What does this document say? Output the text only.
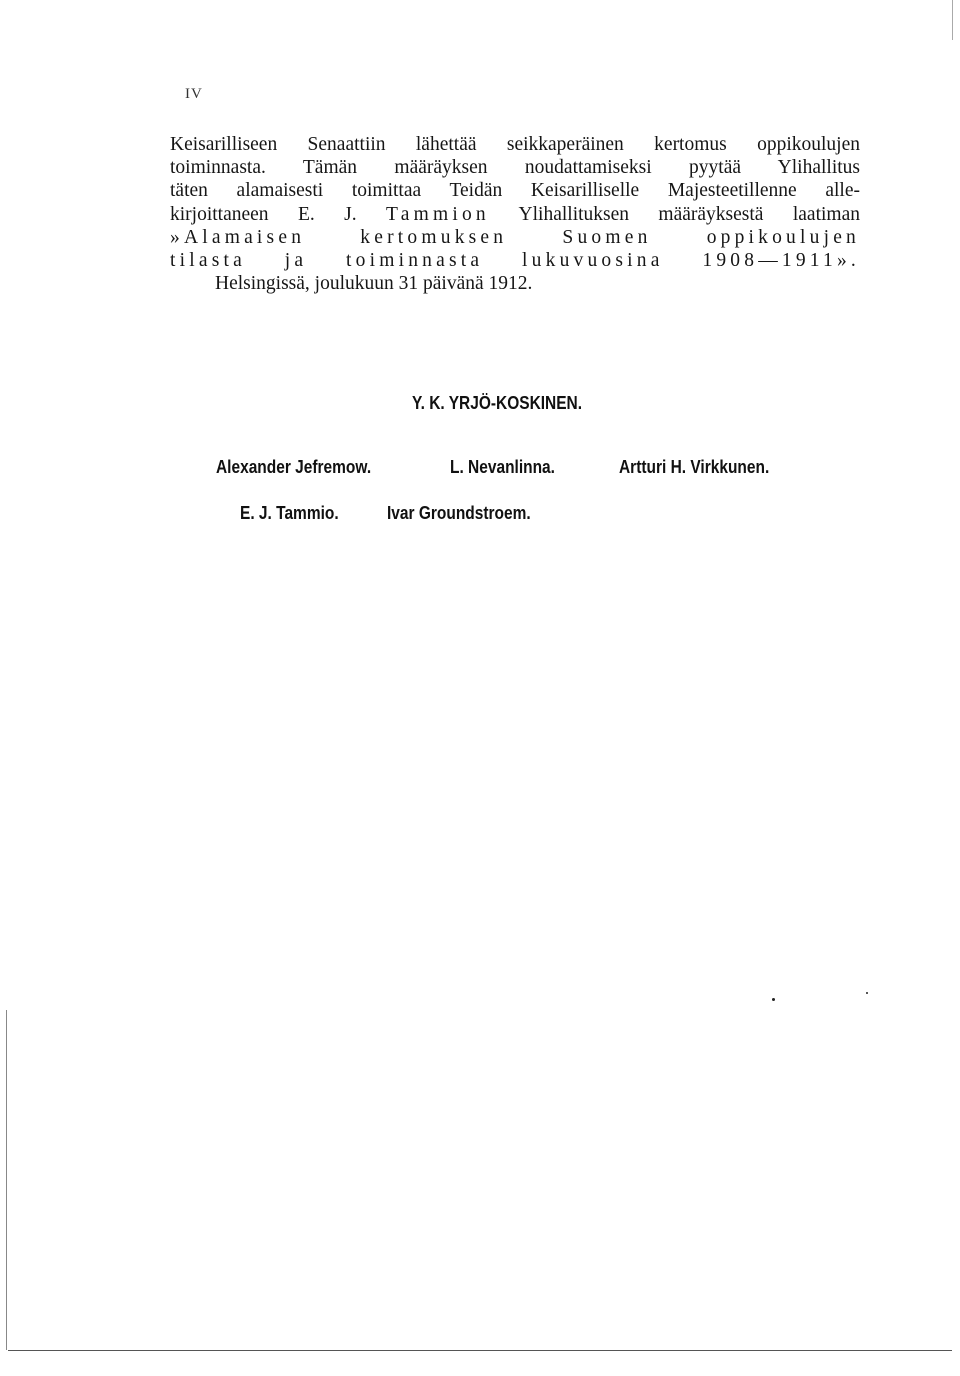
IV
Keisarilliseen Senaattiin lähettää seikkaperäinen kertomus oppikoulujen
toiminnasta. Tämän määräyksen noudattamiseksi pyytää Ylihallitus
täten alamaisesti toimittaa Teidän Keisarilliselle Majesteetillenne alle-
kirjoittaneen E. J. Tammion Ylihallituksen määräyksestä laatiman
»Alamaisen kertomuksen Suomen oppikoulujen
tilasta ja toiminnasta lukuvuosina 1908—1911».
Helsingissä, joulukuun 31 päivänä 1912.
Y. K. YRJÖ-KOSKINEN.
Alexander Jefremow.	L. Nevanlinna.	Artturi H. Virkkunen.
E. J. Tammio.	Ivar Groundstroem.
